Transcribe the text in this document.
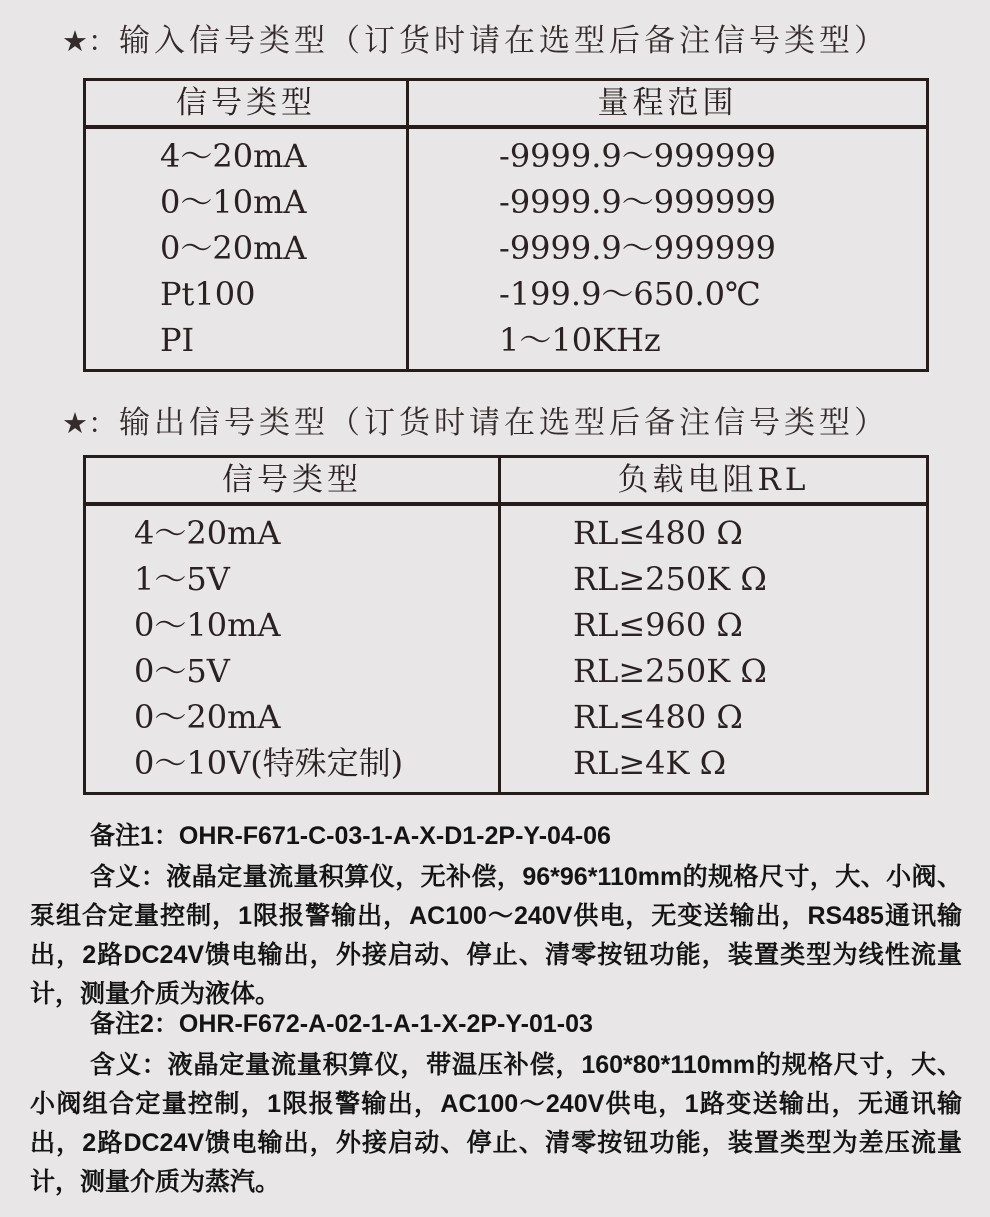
★：输入信号类型（订货时请在选型后备注信号类型）
信号类型	量程范围
4～20mA
0～10mA
0～20mA
Pt100
PI
-9999.9～999999
-9999.9～999999
-9999.9～999999
-199.9～650.0℃
1～10KHz
★：输出信号类型（订货时请在选型后备注信号类型）
信号类型	负载电阻RL
4～20mA
1～5V
0～10mA
0～5V
0～20mA
0～10V(特殊定制)
RL≤480 Ω
RL≥250K Ω
RL≤960 Ω
RL≥250K Ω
RL≤480 Ω
RL≥4K Ω
备注1：OHR-F671-C-03-1-A-X-D1-2P-Y-04-06
含义：液晶定量流量积算仪，无补偿，96*96*110mm的规格尺寸，大、小阀、泵组合定量控制，1限报警输出，AC100～240V供电，无变送输出，RS485通讯输出，2路DC24V馈电输出，外接启动、停止、清零按钮功能，装置类型为线性流量计，测量介质为液体。
备注2：OHR-F672-A-02-1-A-1-X-2P-Y-01-03
含义：液晶定量流量积算仪，带温压补偿，160*80*110mm的规格尺寸，大、小阀组合定量控制，1限报警输出，AC100～240V供电，1路变送输出，无通讯输出，2路DC24V馈电输出，外接启动、停止、清零按钮功能，装置类型为差压流量计，测量介质为蒸汽。
